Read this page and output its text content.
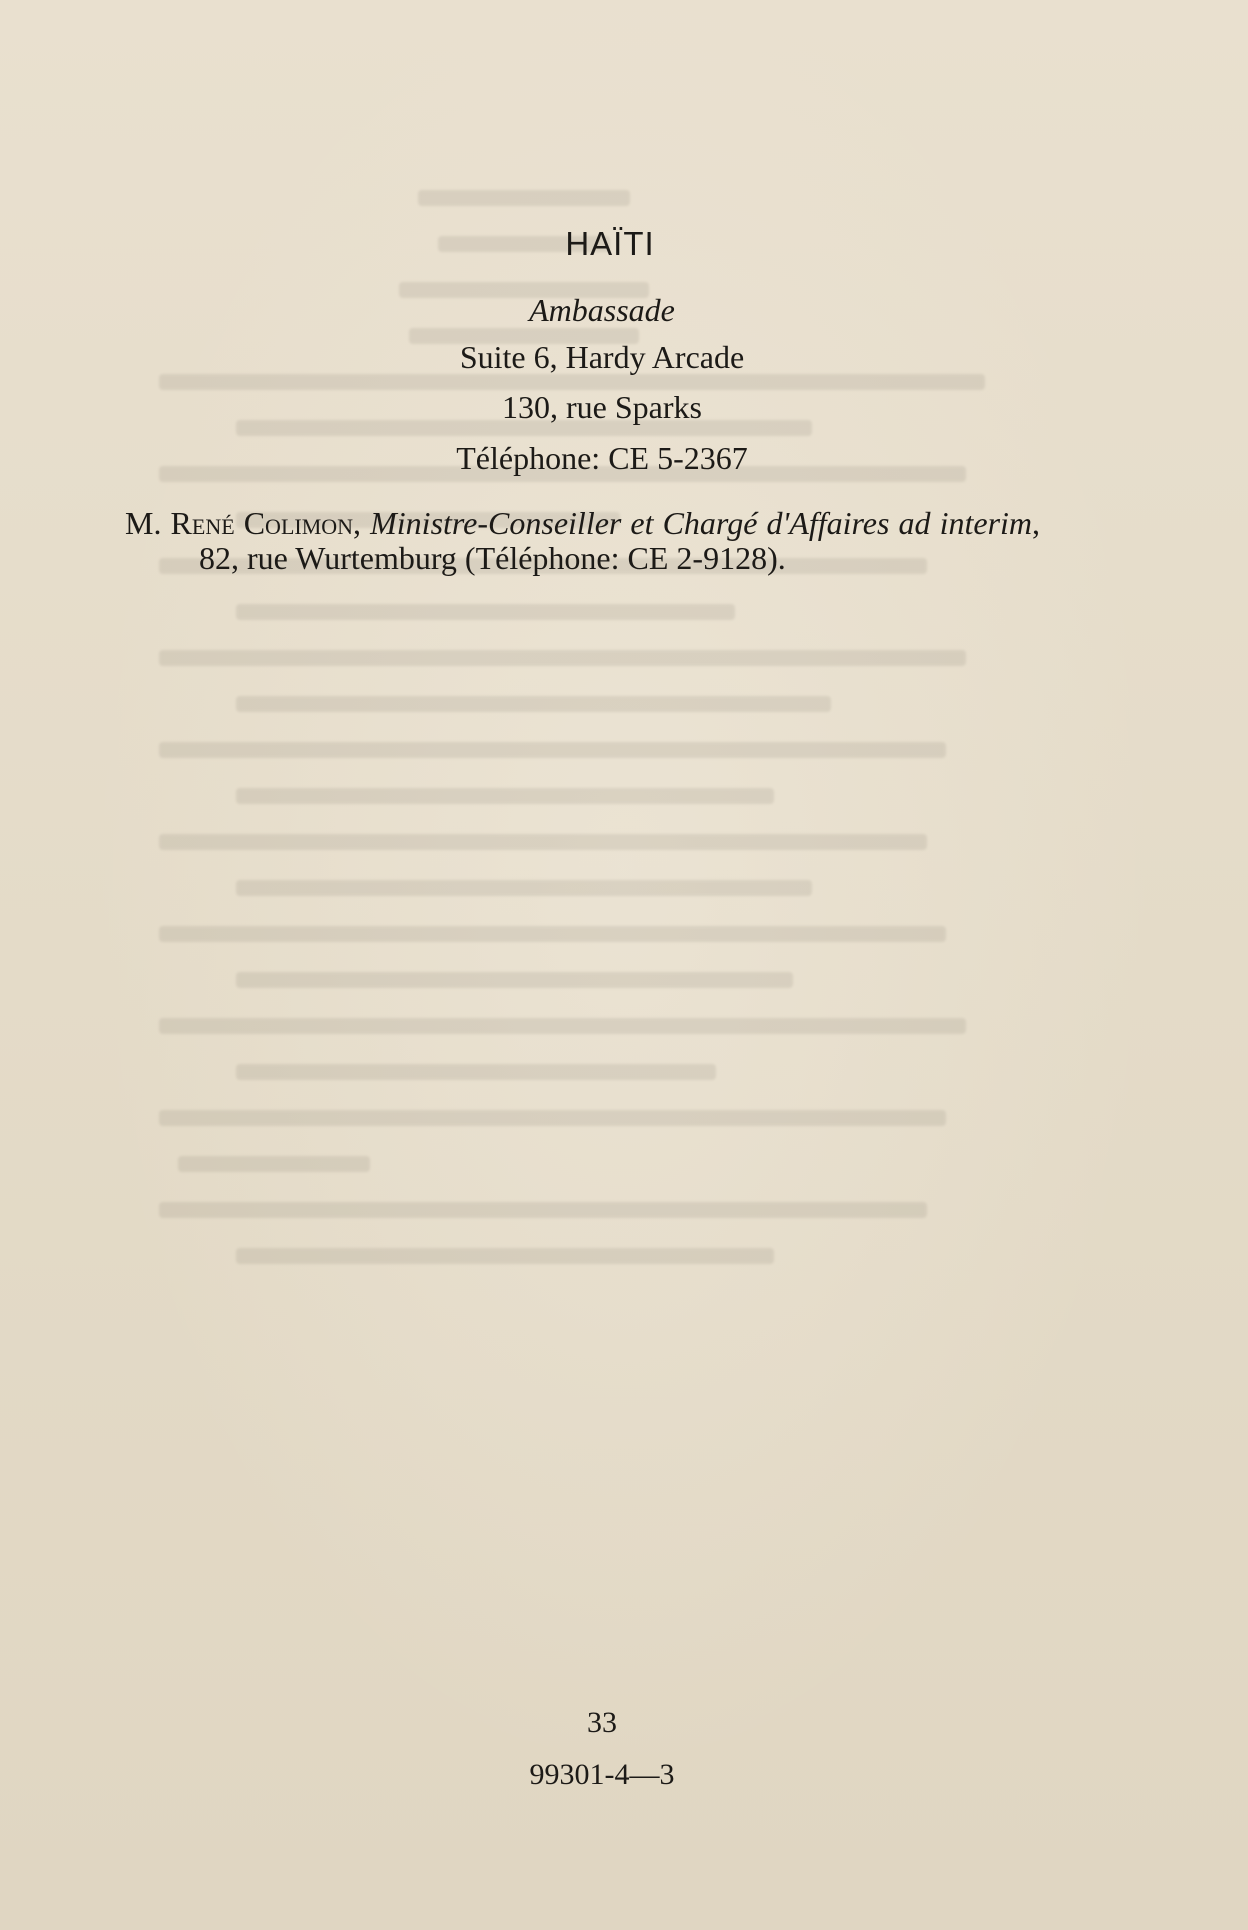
HAÏTI
Ambassade
Suite 6, Hardy Arcade
130, rue Sparks
Téléphone: CE 5-2367
M. René Colimon, Ministre-Conseiller et Chargé d'Affaires ad interim, 82, rue Wurtemburg (Téléphone: CE 2-9128).
33
99301-4—3
